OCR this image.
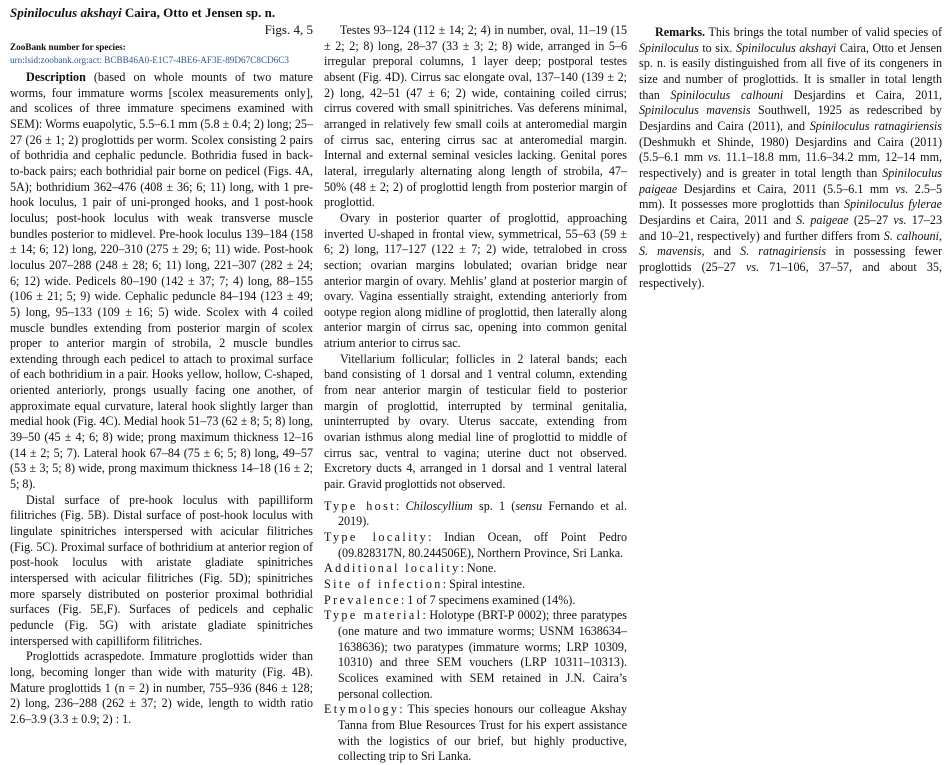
Spiniloculus akshayi Caira, Otto et Jensen sp. n.
Figs. 4, 5
ZooBank number for species:
urn:lsid:zoobank.org:act: BCBB46A0-E1C7-4BE6-AF3E-89D67C8CD6C3

Description (based on whole mounts of two mature worms, four immature worms [scolex measurements only], and scolices of three immature specimens examined with SEM): Worms euapolytic, 5.5–6.1 mm (5.8 ± 0.4; 2) long; 25–27 (26 ± 1; 2) proglottids per worm. Scolex consisting 2 pairs of bothridia and cephalic peduncle. Bothridia fused in back-to-back pairs; each bothridial pair borne on pedicel (Figs. 4A, 5A); bothridium 362–476 (408 ± 36; 6; 11) long, with 1 pre-hook loculus, 1 pair of uni-pronged hooks, and 1 post-hook loculus; post-hook loculus with weak transverse muscle bundles posterior to midlevel. Pre-hook loculus 139–184 (158 ± 14; 6; 12) long, 220–310 (275 ± 29; 6; 11) wide. Post-hook loculus 207–288 (248 ± 28; 6; 11) long, 221–307 (282 ± 24; 6; 12) wide. Pedicels 80–190 (142 ± 37; 7; 4) long, 88–155 (106 ± 21; 5; 9) wide. Cephalic peduncle 84–194 (123 ± 49; 5) long, 95–133 (109 ± 16; 5) wide. Scolex with 4 coiled muscle bundles extending from posterior margin of scolex proper to anterior margin of strobila, 2 muscle bundles extending through each pedicel to attach to proximal surface of each bothridium in a pair. Hooks yellow, hollow, C-shaped, oriented anteriorly, prongs usually facing one another, of approximate equal curvature, lateral hook slightly larger than medial hook (Fig. 4C). Medial hook 51–73 (62 ± 8; 5; 8) long, 39–50 (45 ± 4; 6; 8) wide; prong maximum thickness 12–16 (14 ± 2; 5; 7). Lateral hook 67–84 (75 ± 6; 5; 8) long, 49–57 (53 ± 3; 5; 8) wide, prong maximum thickness 14–18 (16 ± 2; 5; 8).

Distal surface of pre-hook loculus with papilliform filitriches (Fig. 5B). Distal surface of post-hook loculus with lingulate spinitriches interspersed with acicular filitriches (Fig. 5C). Proximal surface of bothridium at anterior region of post-hook loculus with aristate gladiate spinitriches interspersed with acicular filitriches (Fig. 5D); spinitriches more sparsely distributed on posterior proximal bothridial surfaces (Fig. 5E,F). Surfaces of pedicels and cephalic peduncle (Fig. 5G) with aristate gladiate spinitriches interspersed with capilliform filitriches.

Proglottids acraspedote. Immature proglottids wider than long, becoming longer than wide with maturity (Fig. 4B). Mature proglottids 1 (n = 2) in number, 755–936 (846 ± 128; 2) long, 236–288 (262 ± 37; 2) wide, length to width ratio 2.6–3.9 (3.3 ± 0.9; 2) : 1.

Testes 93–124 (112 ± 14; 2; 4) in number, oval, 11–19 (15 ± 2; 2; 8) long, 28–37 (33 ± 3; 2; 8) wide, arranged in 5–6 irregular preporal columns, 1 layer deep; postporal testes absent (Fig. 4D). Cirrus sac elongate oval, 137–140 (139 ± 2; 2) long, 42–51 (47 ± 6; 2) wide, containing coiled cirrus; cirrus covered with small spinitriches. Vas deferens minimal, arranged in relatively few small coils at anteromedial margin of cirrus sac, entering cirrus sac at anteromedial margin. Internal and external seminal vesicles lacking. Genital pores lateral, irregularly alternating along length of strobila, 47–50% (48 ± 2; 2) of proglottid length from posterior margin of proglottid.

Ovary in posterior quarter of proglottid, approaching inverted U-shaped in frontal view, symmetrical, 55–63 (59 ± 6; 2) long, 117–127 (122 ± 7; 2) wide, tetralobed in cross section; ovarian margins lobulated; ovarian bridge near anterior margin of ovary. Mehlis’ gland at posterior margin of ovary. Vagina essentially straight, extending anteriorly from ootype region along midline of proglottid, then laterally along anterior margin of cirrus sac, opening into common genital atrium anterior to cirrus sac.

Vitellarium follicular; follicles in 2 lateral bands; each band consisting of 1 dorsal and 1 ventral column, extending from near anterior margin of testicular field to posterior margin of proglottid, interrupted by terminal genitalia, uninterrupted by ovary. Uterus saccate, extending from ovarian isthmus along medial line of proglottid to middle of cirrus sac, ventral to vagina; uterine duct not observed. Excretory ducts 4, arranged in 1 dorsal and 1 ventral lateral pair. Gravid proglottids not observed.

Type host: Chiloscyllium sp. 1 (sensu Fernando et al. 2019).

Type locality: Indian Ocean, off Point Pedro (09.828317N, 80.244506E), Northern Province, Sri Lanka.

Additional locality: None.

Site of infection: Spiral intestine.

Prevalence: 1 of 7 specimens examined (14%).

Type material: Holotype (BRT-P 0002); three paratypes (one mature and two immature worms; USNM 1638634–1638636); two paratypes (immature worms; LRP 10309, 10310) and three SEM vouchers (LRP 10311–10313). Scolices examined with SEM retained in J.N. Caira’s personal collection.

Etymology: This species honours our colleague Akshay Tanna from Blue Resources Trust for his expert assistance with the logistics of our brief, but highly productive, collecting trip to Sri Lanka.

Remarks. This brings the total number of valid species of Spiniloculus to six. Spiniloculus akshayi Caira, Otto et Jensen sp. n. is easily distinguished from all five of its congeners in size and number of proglottids. It is smaller in total length than Spiniloculus calhouni Desjardins et Caira, 2011, Spiniloculus mavensis Southwell, 1925 as redescribed by Desjardins and Caira (2011), and Spiniloculus ratnagiriensis (Deshmukh et Shinde, 1980) Desjardins and Caira (2011) (5.5–6.1 mm vs. 11.1–18.8 mm, 11.6–34.2 mm, 12–14 mm, respectively) and is greater in total length than Spiniloculus paigeae Desjardins et Caira, 2011 (5.5–6.1 mm vs. 2.5–5 mm). It possesses more proglottids than Spiniloculus fylerae Desjardins et Caira, 2011 and S. paigeae (25–27 vs. 17–23 and 10–21, respectively) and further differs from S. calhouni, S. mavensis, and S. ratnagiriensis in possessing fewer proglottids (25–27 vs. 71–106, 37–57, and about 35, respectively).
